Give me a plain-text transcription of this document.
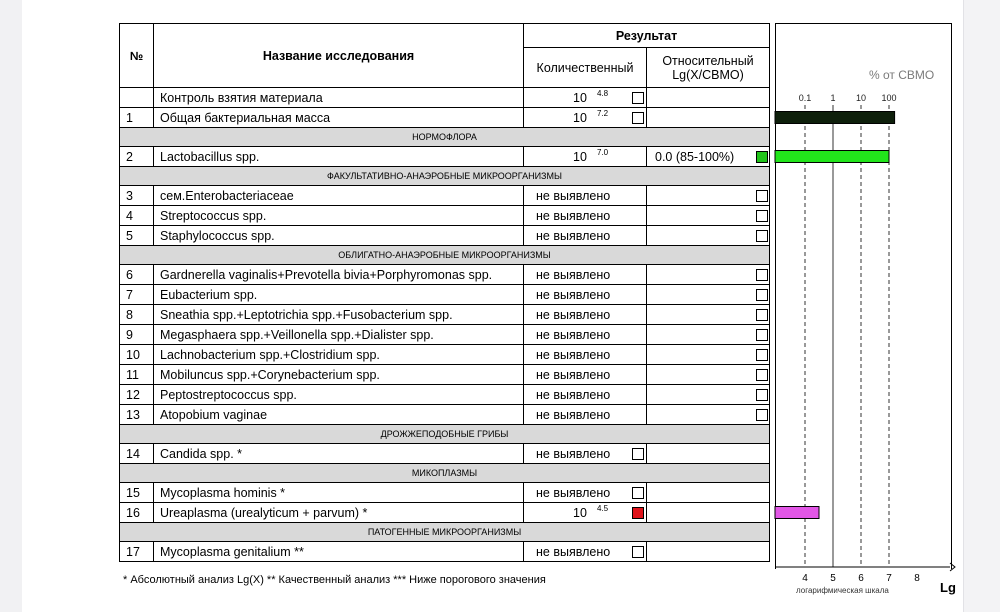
№	Название исследования	Результат	
		Количественный	Относительный
Lg(X/СВМО)

	Контроль взятия материала	10 4.8	

1	Общая бактериальная масса	10 7.2	

НОРМОФЛОРА			
2	Lactobacillus spp.	10 7.0	0.0 (85-100%)

ФАКУЛЬТАТИВНО-АНАЭРОБНЫЕ МИКРООРГАНИЗМЫ			
3	сем.Enterobacteriaceae	не выявлено	

4	Streptococcus spp.	не выявлено	

5	Staphylococcus spp.	не выявлено	

ОБЛИГАТНО-АНАЭРОБНЫЕ МИКРООРГАНИЗМЫ			
6	Gardnerella vaginalis+Prevotella bivia+Porphyromonas spp.	не выявлено	

7	Eubacterium spp.	не выявлено	

8	Sneathia spp.+Leptotrichia spp.+Fusobacterium spp.	не выявлено	

9	Megasphaera spp.+Veillonella spp.+Dialister spp.	не выявлено	

10	Lachnobacterium spp.+Clostridium spp.	не выявлено	

11	Mobiluncus spp.+Corynebacterium spp.	не выявлено	

12	Peptostreptococcus spp.	не выявлено	

13	Atopobium vaginae	не выявлено	

ДРОЖЖЕПОДОБНЫЕ ГРИБЫ			
14	Candida spp. *	не выявлено	

МИКОПЛАЗМЫ			
15	Mycoplasma hominis *	не выявлено	

16	Ureaplasma (urealyticum + parvum) *	10 4.5	

ПАТОГЕННЫЕ МИКРООРГАНИЗМЫ			
17	Mycoplasma genitalium **	не выявлено	

* Абсолютный анализ Lg(X) ** Качественный анализ *** Ниже порогового значения
% от СВМО
0.1 1 10 100
4 5 6 7 8
логарифмическая шкала	Lg
